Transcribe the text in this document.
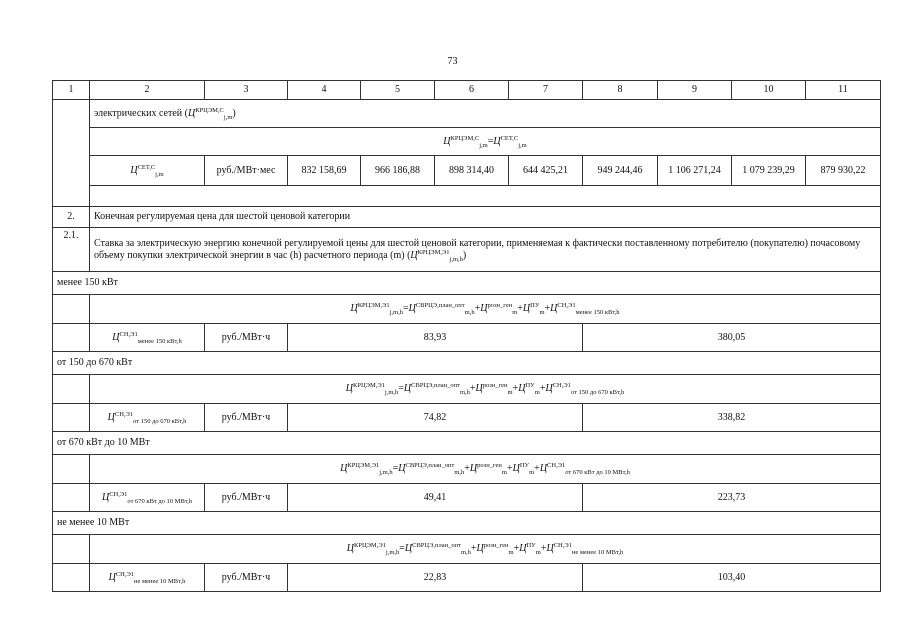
73
1	2	3	4	5	6	7	8	9	10	11
	электрических сетей $(Ц^{КРЦЭМ,С}_{j,m})$									
	$Ц^{КРЦЭМ,С}_{j,m}=Ц^{СЕТ,С}_{j,m}$
	$Ц^{СЕТ,С}_{j,m}$	руб./МВт·мес	832 158,69	966 186,88	898 314,40	644 425,21	949 244,46	1 106 271,24	1 079 239,29	879 930,22

2.	Конечная регулируемая цена для шестой ценовой категории									
2.1.	Ставка за электрическую энергию конечной регулируемой цены для шестой ценовой категории, применяемая к фактически поставленному потребителю (покупателю) почасовому объему покупки электрической энергии в час (h) расчетного периода (m) $(Ц^{КРЦЭМ,Э1}_{j,m,h})$									
менее 150 кВт										
	$Ц^{КРЦЭМ,Э1}_{j,m,h}=Ц^{СВРЦЭ,план\_опт}_{m,h}+Ц^{розн\_ген}_m+Ц^{ПУ}_m+Ц^{СН,Э1}_{менее 150 кВт,h}$
	$Ц^{СН,Э1}_{менее 150 кВт,h}$	руб./МВт·ч	83,93				380,05			
от 150 до 670 кВт										
	$Ц^{КРЦЭМ,Э1}_{j,m,h}=Ц^{СВРЦЭ,план\_опт}_{m,h}+Ц^{розн\_ген}_m+Ц^{ПУ}_m+Ц^{СН,Э1}_{от 150 до 670 кВт,h}$
	$Ц^{СН,Э1}_{от 150 до 670 кВт,h}$	руб./МВт·ч	74,82				338,82			
от 670 кВт до 10 МВт										
	$Ц^{КРЦЭМ,Э1}_{j,m,h}=Ц^{СВРЦЭ,план\_опт}_{m,h}+Ц^{розн\_ген}_m+Ц^{ПУ}_m+Ц^{СН,Э1}_{от 670 кВт до 10 МВт,h}$
	$Ц^{СН,Э1}_{от 670 кВт до 10 МВт,h}$	руб./МВт·ч	49,41				223,73			
не менее 10 МВт										
	$Ц^{КРЦЭМ,Э1}_{j,m,h}=Ц^{СВРЦЭ,план\_опт}_{m,h}+Ц^{розн\_ген}_m+Ц^{ПУ}_m+Ц^{СН,Э1}_{не менее 10 МВт,h}$
	$Ц^{СН,Э1}_{не менее 10 МВт,h}$	руб./МВт·ч	22,83				103,40			
